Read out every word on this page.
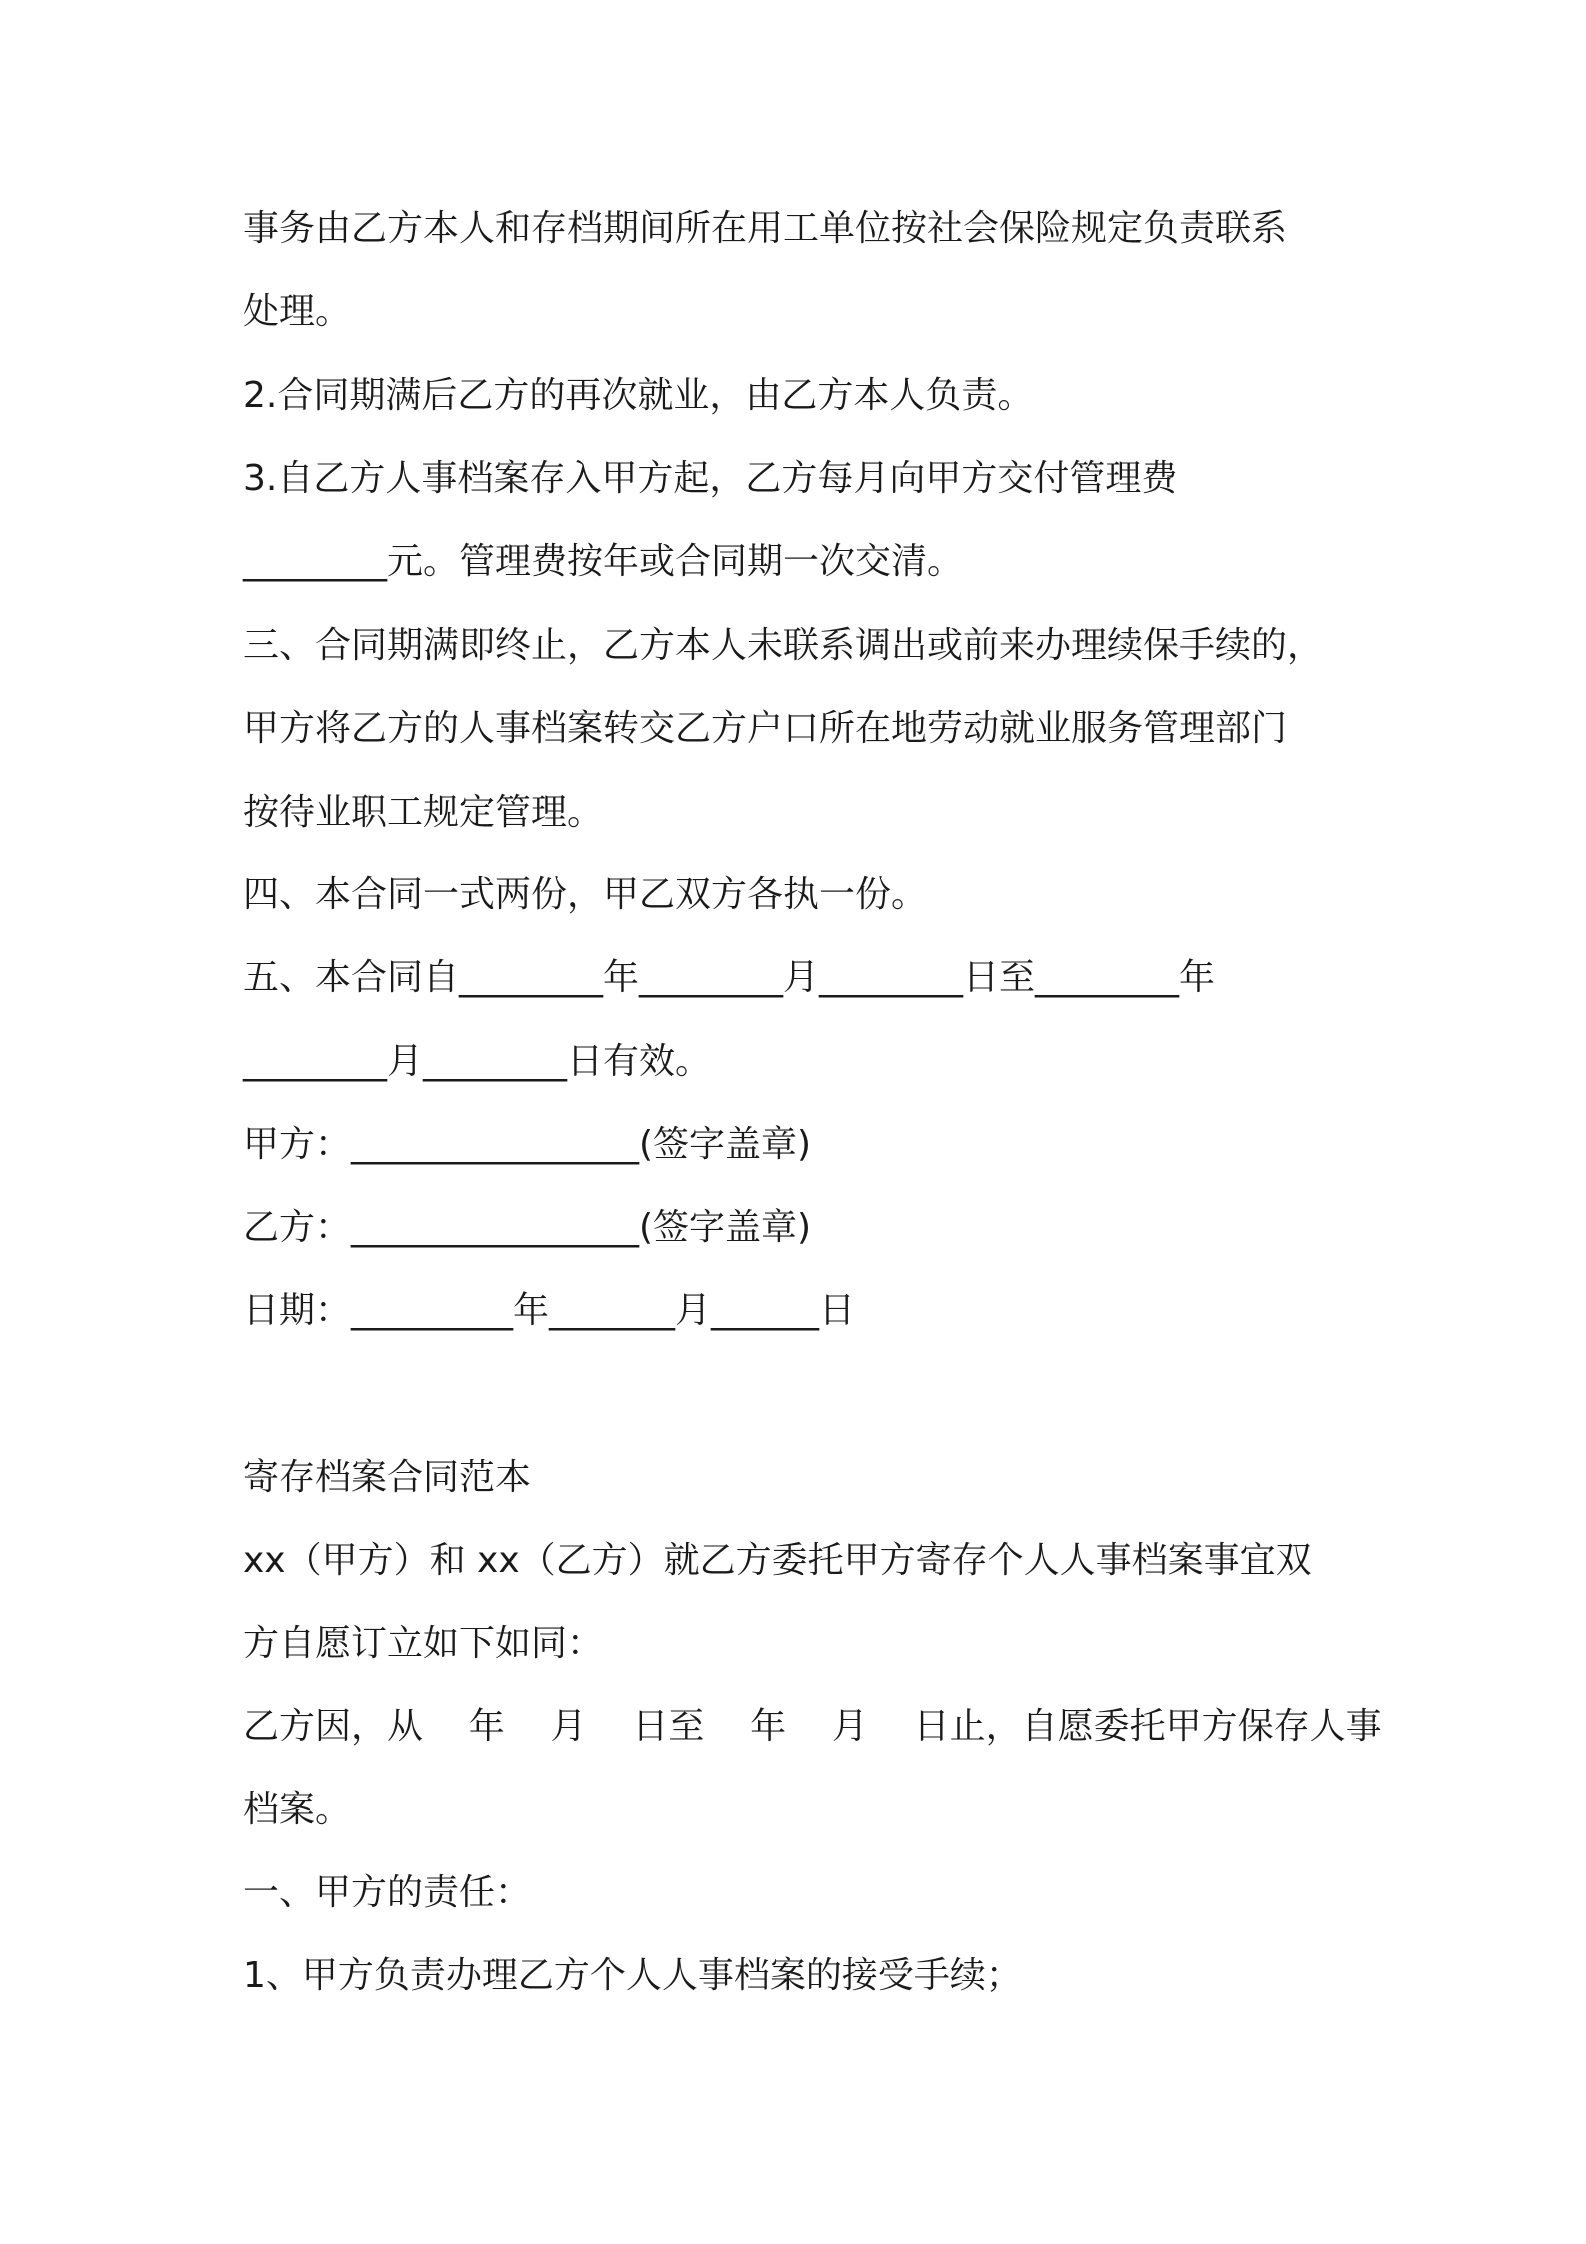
事务由乙方本人和存档期间所在用工单位按社会保险规定负责联系

处理。

2.合同期满后乙方的再次就业，由乙方本人负责。

3.自乙方人事档案存入甲方起，乙方每月向甲方交付管理费

________元。管理费按年或合同期一次交清。

三、合同期满即终止，乙方本人未联系调出或前来办理续保手续的，

甲方将乙方的人事档案转交乙方户口所在地劳动就业服务管理部门

按待业职工规定管理。

四、本合同一式两份，甲乙双方各执一份。

五、本合同自________年________月________日至________年

________月________日有效。

甲方：________________(签字盖章)

乙方：________________(签字盖章)

日期：_________年_______月______日

寄存档案合同范本

xx（甲方）和 xx（乙方）就乙方委托甲方寄存个人人事档案事宜双

方自愿订立如下如同：

乙方因，从    年    月    日至    年    月    日止，自愿委托甲方保存人事

档案。

一、甲方的责任：

1、甲方负责办理乙方个人人事档案的接受手续；
